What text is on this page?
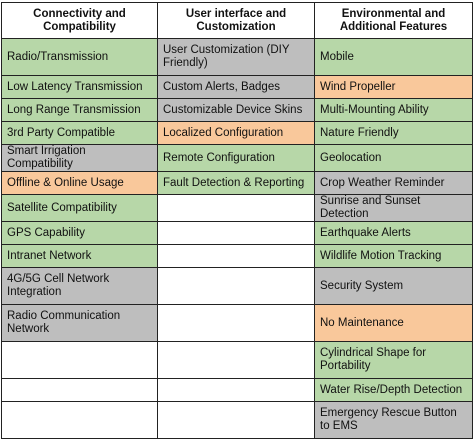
Connectivity and Compatibility	User interface and Customization	Environmental and Additional Features
Radio/Transmission	User Customization (DIY Friendly)	Mobile
Low Latency Transmission	Custom Alerts, Badges	Wind Propeller
Long Range Transmission	Customizable Device Skins	Multi-Mounting Ability
3rd Party Compatible	Localized Configuration	Nature Friendly
Smart Irrigation Compatibility	Remote Configuration	Geolocation
Offline & Online Usage	Fault Detection & Reporting	Crop Weather Reminder
Satellite Compatibility		Sunrise and Sunset Detection
GPS Capability		Earthquake Alerts
Intranet Network		Wildlife Motion Tracking
4G/5G Cell Network Integration		Security System
Radio Communication Network		No Maintenance
		Cylindrical Shape for Portability
		Water Rise/Depth Detection
		Emergency Rescue Button to EMS
